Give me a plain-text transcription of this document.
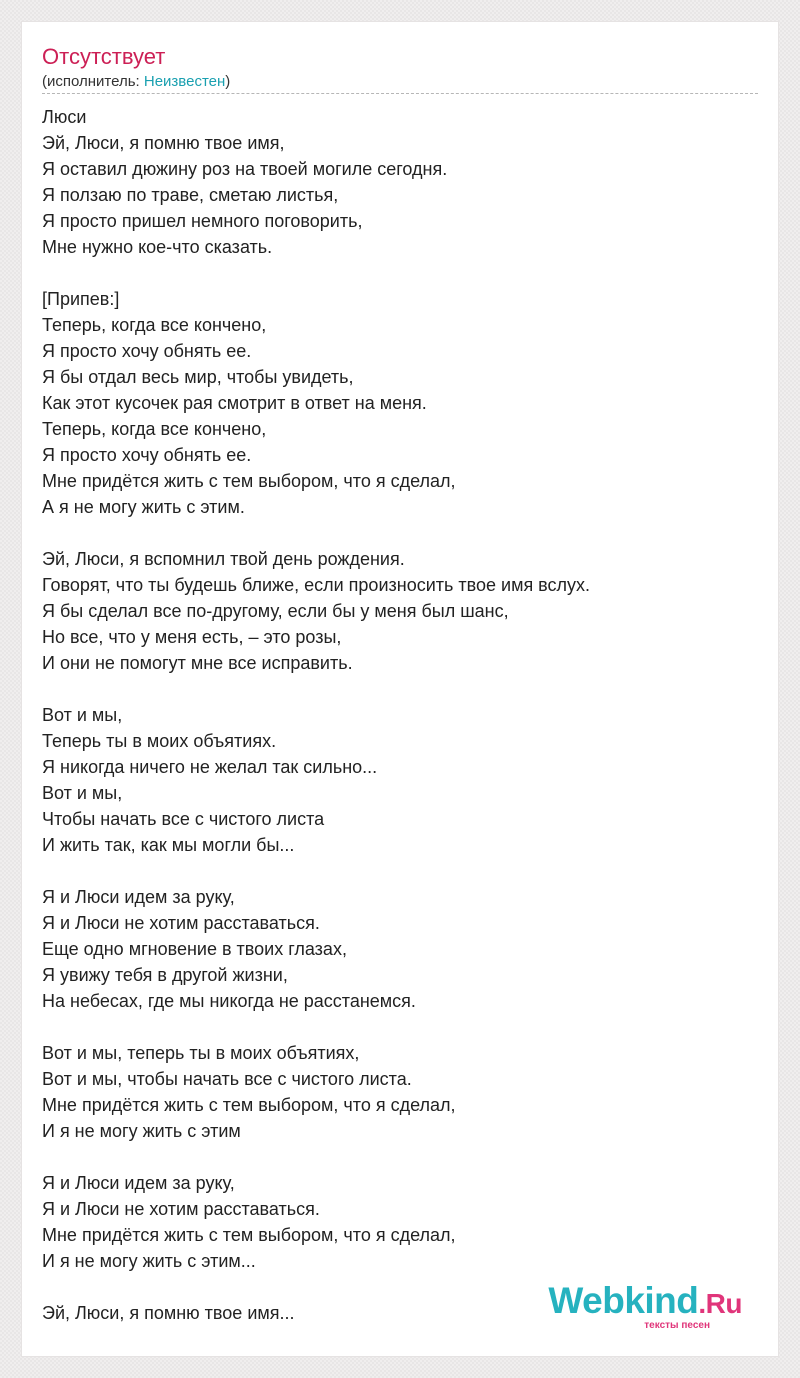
Отсутствует
(исполнитель: Неизвестен)
Люси
Эй, Люси, я помню твое имя,
Я оставил дюжину роз на твоей могиле сегодня.
Я ползаю по траве, сметаю листья,
Я просто пришел немного поговорить,
Мне нужно кое-что сказать.
[Припев:]
Теперь, когда все кончено,
Я просто хочу обнять ее.
Я бы отдал весь мир, чтобы увидеть,
Как этот кусочек рая смотрит в ответ на меня.
Теперь, когда все кончено,
Я просто хочу обнять ее.
Мне придётся жить с тем выбором, что я сделал,
А я не могу жить с этим.
Эй, Люси, я вспомнил твой день рождения.
Говорят, что ты будешь ближе, если произносить твое имя вслух.
Я бы сделал все по-другому, если бы у меня был шанс,
Но все, что у меня есть, – это розы,
И они не помогут мне все исправить.
Вот и мы,
Теперь ты в моих объятиях.
Я никогда ничего не желал так сильно...
Вот и мы,
Чтобы начать все с чистого листа
И жить так, как мы могли бы...
Я и Люси идем за руку,
Я и Люси не хотим расставаться.
Еще одно мгновение в твоих глазах,
Я увижу тебя в другой жизни,
На небесах, где мы никогда не расстанемся.
Вот и мы, теперь ты в моих объятиях,
Вот и мы, чтобы начать все с чистого листа.
Мне придётся жить с тем выбором, что я сделал,
И я не могу жить с этим
Я и Люси идем за руку,
Я и Люси не хотим расставаться.
Мне придётся жить с тем выбором, что я сделал,
И я не могу жить с этим...
Эй, Люси, я помню твое имя...	Webkind.Ru
тексты песен
